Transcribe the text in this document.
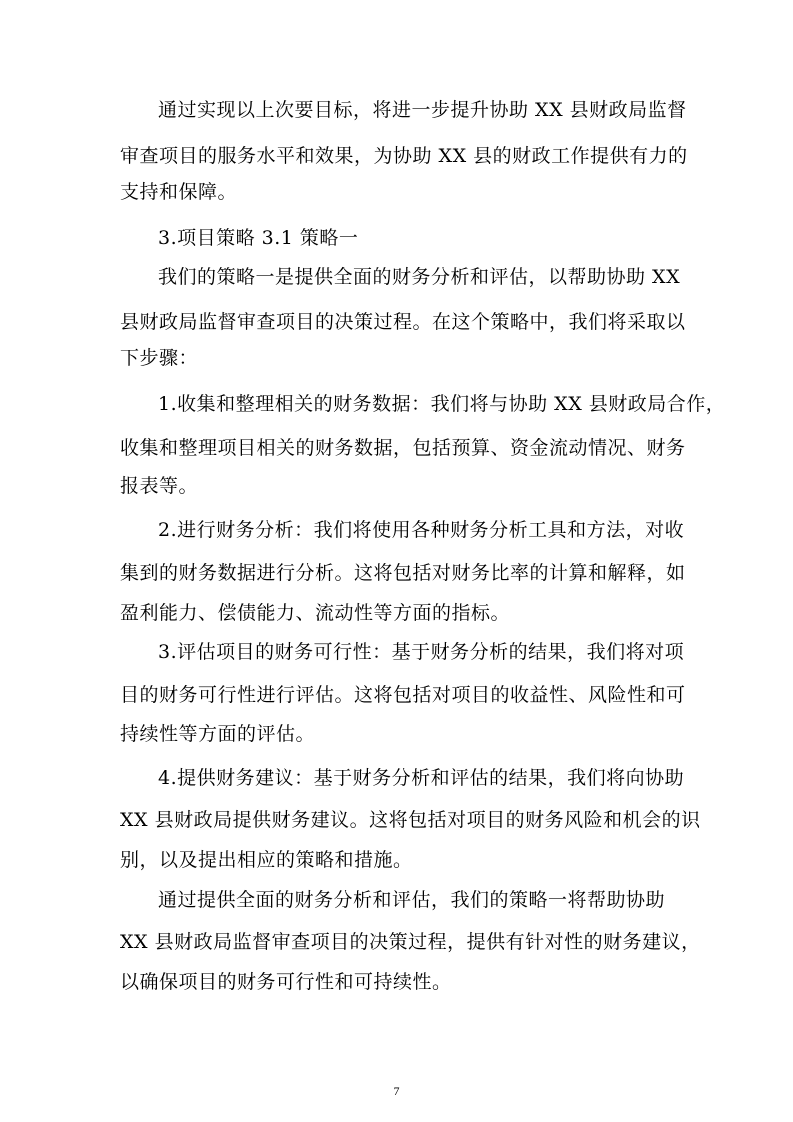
通过实现以上次要目标，将进一步提升协助 XX 县财政局监督
审查项目的服务水平和效果，为协助 XX 县的财政工作提供有力的
支持和保障。
3.项目策略 3.1 策略一
我们的策略一是提供全面的财务分析和评估，以帮助协助 XX
县财政局监督审查项目的决策过程。在这个策略中，我们将采取以
下步骤：
1.收集和整理相关的财务数据：我们将与协助 XX 县财政局合作，
收集和整理项目相关的财务数据，包括预算、资金流动情况、财务
报表等。
2.进行财务分析：我们将使用各种财务分析工具和方法，对收
集到的财务数据进行分析。这将包括对财务比率的计算和解释，如
盈利能力、偿债能力、流动性等方面的指标。
3.评估项目的财务可行性：基于财务分析的结果，我们将对项
目的财务可行性进行评估。这将包括对项目的收益性、风险性和可
持续性等方面的评估。
4.提供财务建议：基于财务分析和评估的结果，我们将向协助
XX 县财政局提供财务建议。这将包括对项目的财务风险和机会的识
别，以及提出相应的策略和措施。
通过提供全面的财务分析和评估，我们的策略一将帮助协助
XX 县财政局监督审查项目的决策过程，提供有针对性的财务建议，
以确保项目的财务可行性和可持续性。
7
